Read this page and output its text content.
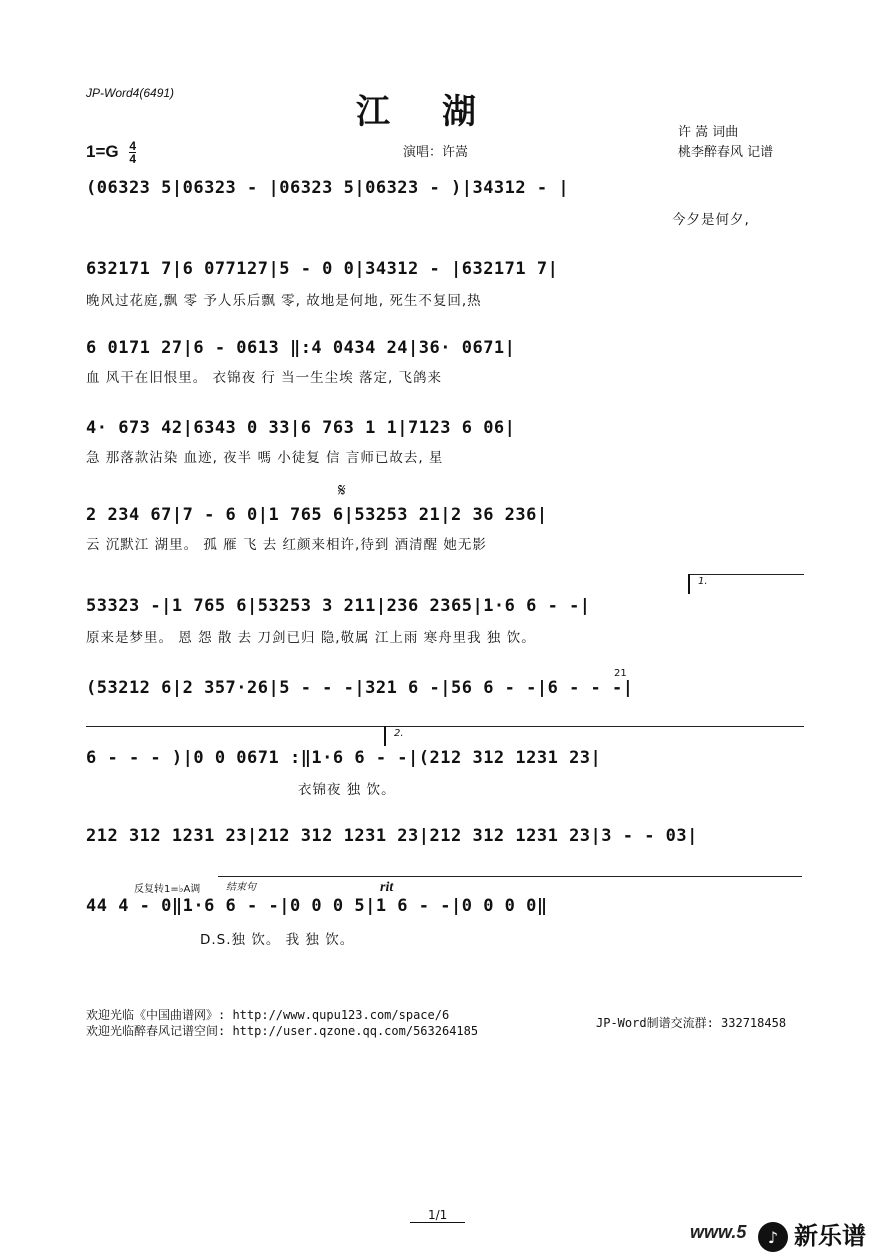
JP-Word4(6491)	江湖
许 嵩 词曲
桃李醉春风 记谱
演唱：许嵩
$1=G \frac{4}{4}$
(06323 5|06323 - |06323 5|06323 - )|34312 - |
今夕是何夕,
632171 7|6 077127|5 - 0 0|34312 - |632171 7|
晚风过花庭,飘 零 予人乐后飘 零, 故地是何地, 死生不复回,热
6 0171 27|6 - 0613 ‖:4 0434 24|36· 0671|
血 风干在旧恨里。 衣锦夜 行 当一生尘埃 落定, 飞鸽来
4· 673 42|6343 0 33|6 763 1 1|7123 6 06|
急 那落款沾染 血迹, 夜半 嗎 小徒复 信 言师已故去, 星
𝄋
2 234 67|7 - 6 0|1 765 6|53253 21|2 36 236|
云 沉默江 湖里。 孤 雁 飞 去 红颜来相许,待到 酒清醒 她无影
1.
53323 -|1 765 6|53253 3 211|236 2365|1·6 6 - -|
原来是梦里。 恩 怨 散 去 刀剑已归 隐,敬属 江上雨 寒舟里我 独 饮。
21
(53212 6|2 357·26|5 - - -|321 6 -|56 6 - -|6 - - -|
2.
6 - - - )|0 0 0671 :‖1·6 6 - -|(212 312 1231 23|
衣锦夜 独 饮。
212 312 1231 23|212 312 1231 23|212 312 1231 23|3 - - 03|
反复转1=♭A调	结束句	rit
44 4 - 0‖1·6 6 - -|0 0 0 5|1 6 - -|0 0 0 0‖
D.S.独 饮。 我 独 饮。
欢迎光临《中国曲谱网》: http://www.qupu123.com/space/6
欢迎光临醉春风记谱空间: http://user.qzone.qq.com/563264185
JP-Word制谱交流群: 332718458
1/1
www.5	♪ 新乐谱
